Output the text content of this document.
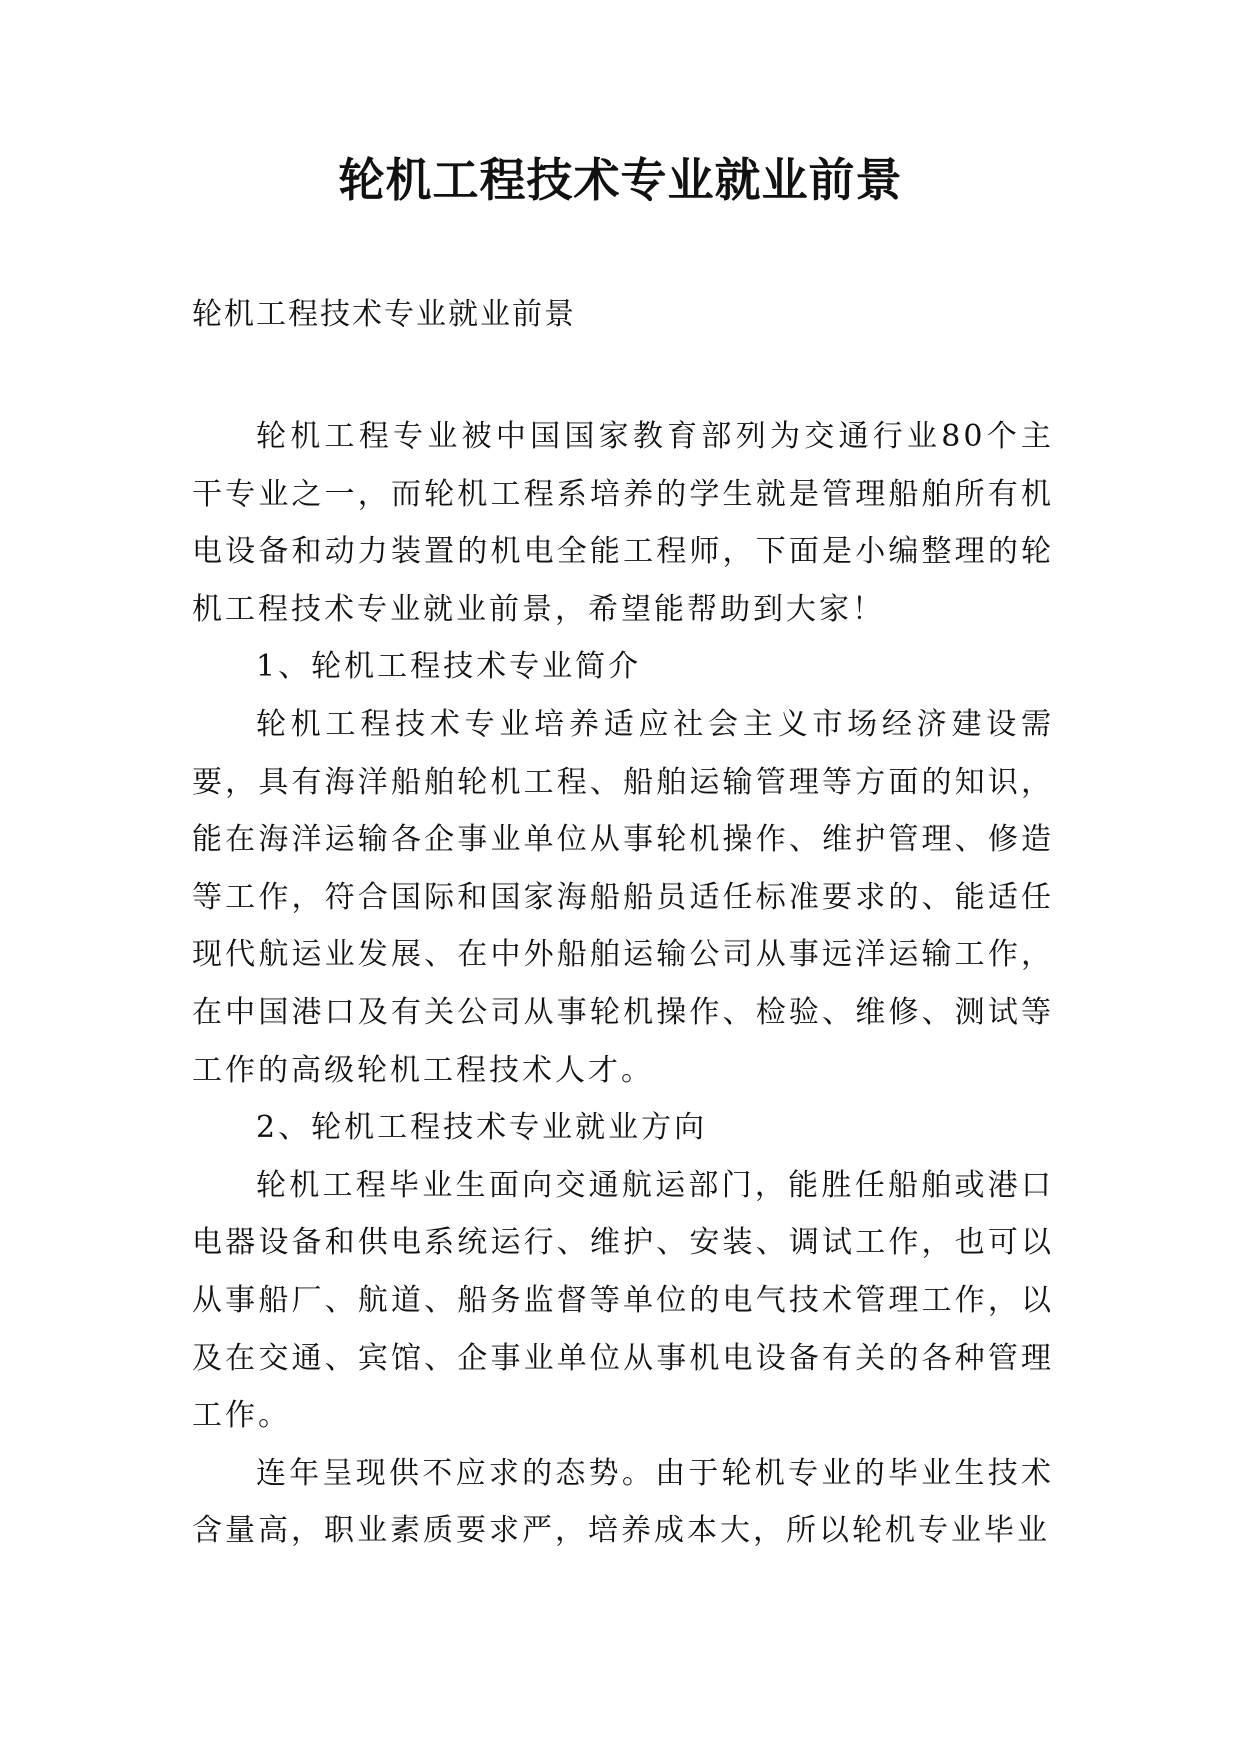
轮机工程技术专业就业前景
轮机工程技术专业就业前景

轮机工程专业被中国国家教育部列为交通行业80个主干专业之一，而轮机工程系培养的学生就是管理船舶所有机电设备和动力装置的机电全能工程师，下面是小编整理的轮机工程技术专业就业前景，希望能帮助到大家！

1、轮机工程技术专业简介

轮机工程技术专业培养适应社会主义市场经济建设需要，具有海洋船舶轮机工程、船舶运输管理等方面的知识，能在海洋运输各企事业单位从事轮机操作、维护管理、修造等工作，符合国际和国家海船船员适任标准要求的、能适任现代航运业发展、在中外船舶运输公司从事远洋运输工作，在中国港口及有关公司从事轮机操作、检验、维修、测试等工作的高级轮机工程技术人才。

2、轮机工程技术专业就业方向

轮机工程毕业生面向交通航运部门，能胜任船舶或港口电器设备和供电系统运行、维护、安装、调试工作，也可以从事船厂、航道、船务监督等单位的电气技术管理工作，以及在交通、宾馆、企事业单位从事机电设备有关的各种管理工作。

连年呈现供不应求的态势。由于轮机专业的毕业生技术含量高，职业素质要求严，培养成本大，所以轮机专业毕业
